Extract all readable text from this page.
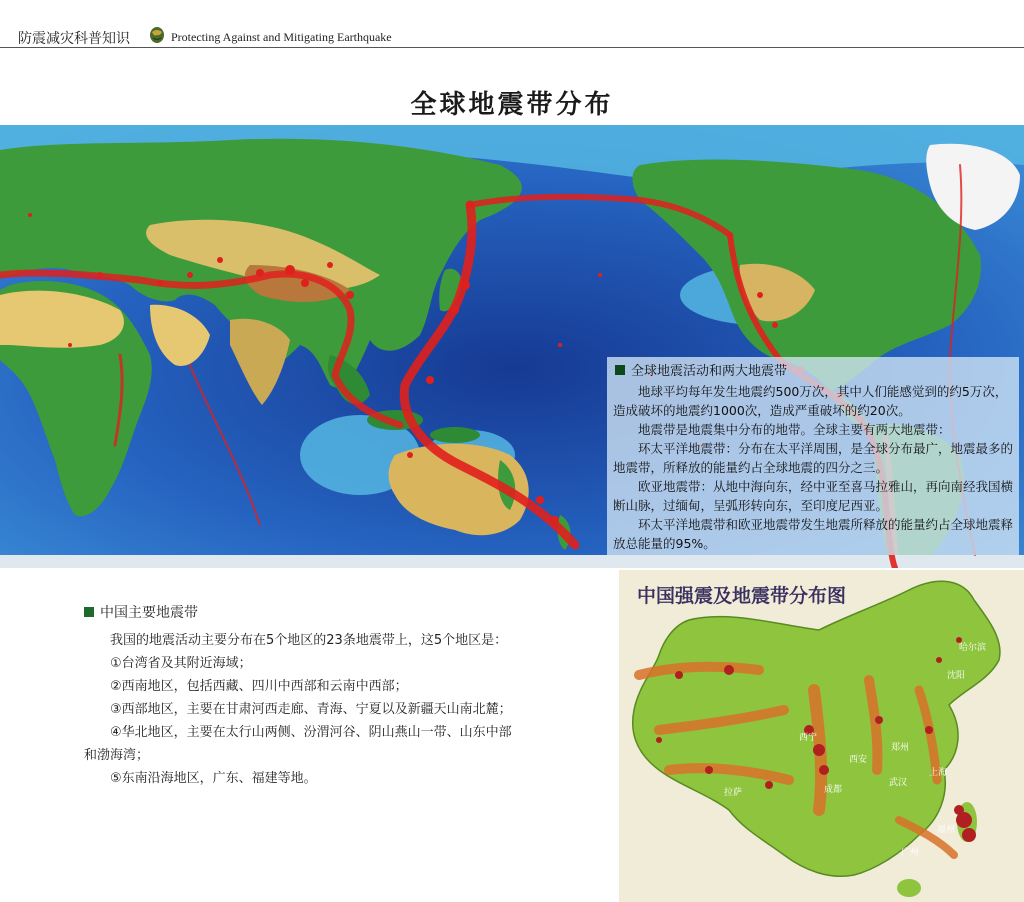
防震减灾科普知识	Protecting Against and Mitigating Earthquake
全球地震带分布
全球地震活动和两大地震带

地球平均每年发生地震约500万次，其中人们能感觉到的约5万次，造成破坏的地震约1000次，造成严重破坏的约20次。

地震带是地震集中分布的地带。全球主要有两大地震带：

环太平洋地震带：分布在太平洋周围，是全球分布最广，地震最多的地震带，所释放的能量约占全球地震的四分之三。

欧亚地震带：从地中海向东，经中亚至喜马拉雅山，再向南经我国横断山脉，过缅甸，呈弧形转向东，至印度尼西亚。

环太平洋地震带和欧亚地震带发生地震所释放的能量约占全球地震释放总能量的95%。

中国主要地震带

我国的地震活动主要分布在5个地区的23条地震带上，这5个地区是：

①台湾省及其附近海域；

②西南地区，包括西藏、四川中西部和云南中西部；

③西部地区，主要在甘肃河西走廊、青海、宁夏以及新疆天山南北麓；

④华北地区，主要在太行山两侧、汾渭河谷、阴山燕山一带、山东中部和渤海湾；

⑤东南沿海地区，广东、福建等地。

中国强震及地震带分布图
哈尔滨
沈阳
西宁
西安
郑州
武汉
上海
成都
广州
福州
拉萨
